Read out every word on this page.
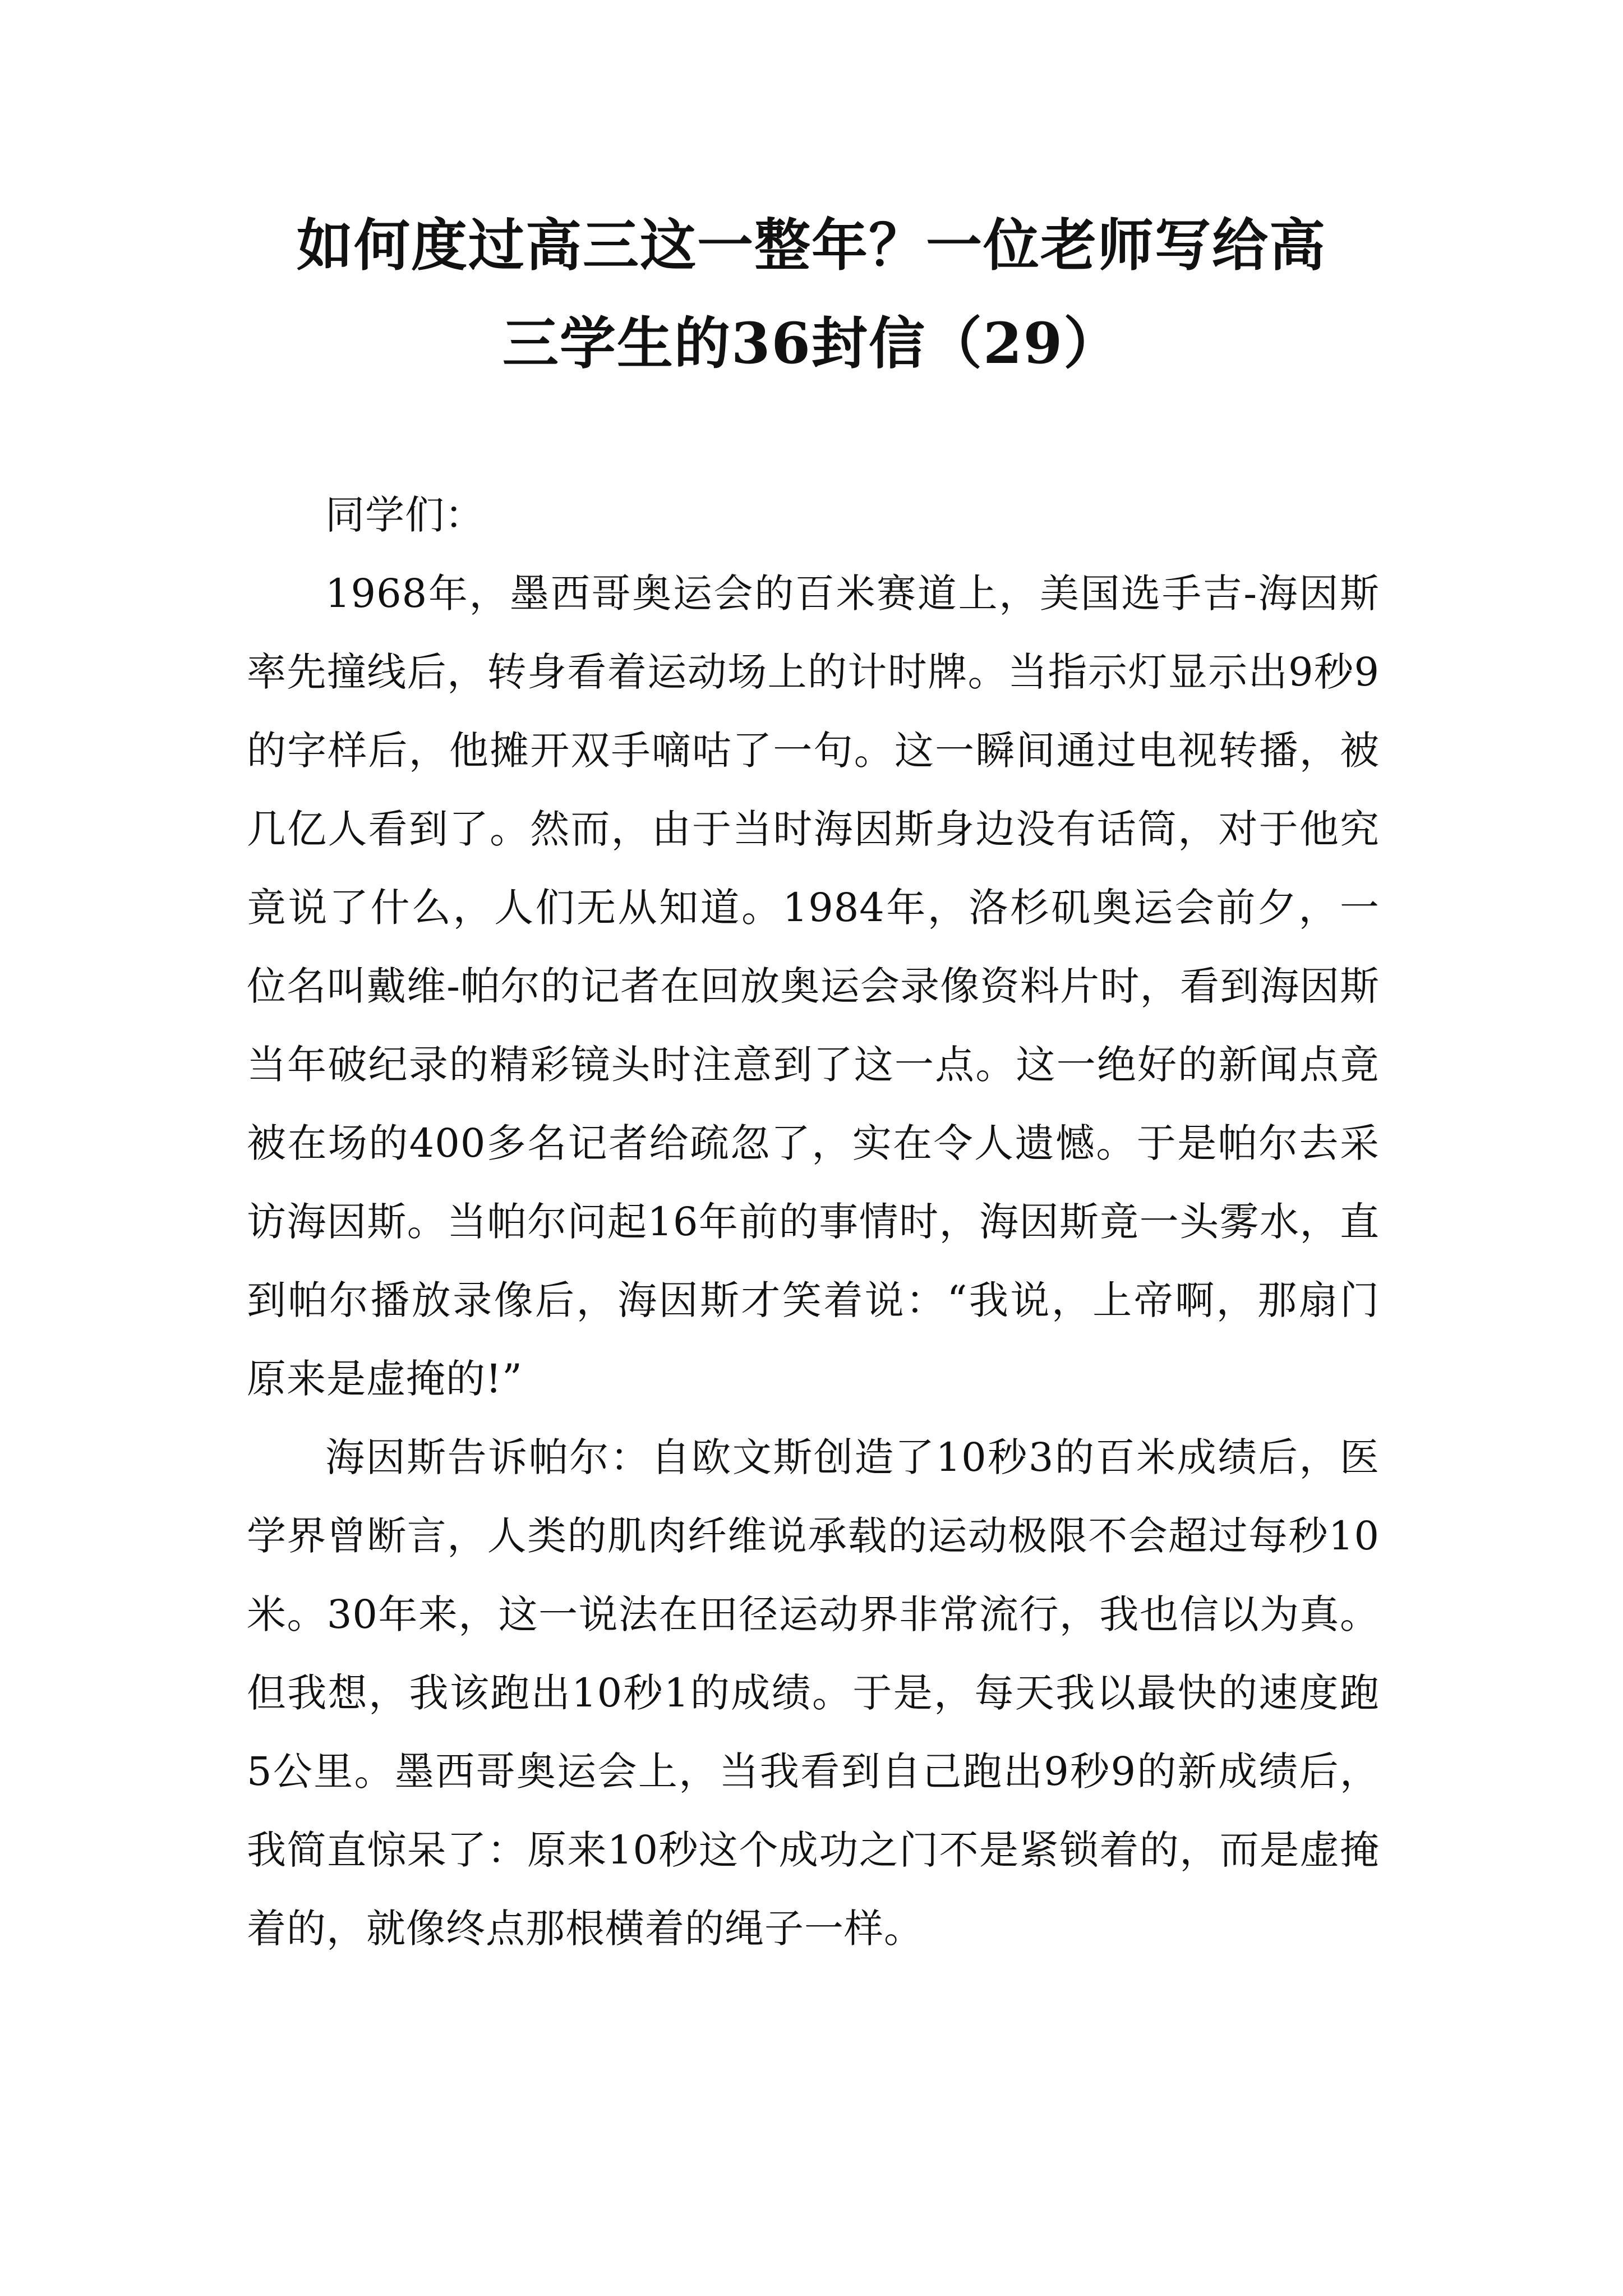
如何度过高三这一整年？一位老师写给高
三学生的36封信（29）

同学们：

1968年，墨西哥奥运会的百米赛道上，美国选手吉-海因斯率先撞线后，转身看着运动场上的计时牌。当指示灯显示出9秒9的字样后，他摊开双手嘀咕了一句。这一瞬间通过电视转播，被几亿人看到了。然而，由于当时海因斯身边没有话筒，对于他究竟说了什么，人们无从知道。1984年，洛杉矶奥运会前夕，一位名叫戴维-帕尔的记者在回放奥运会录像资料片时，看到海因斯当年破纪录的精彩镜头时注意到了这一点。这一绝好的新闻点竟被在场的400多名记者给疏忽了，实在令人遗憾。于是帕尔去采访海因斯。当帕尔问起16年前的事情时，海因斯竟一头雾水，直到帕尔播放录像后，海因斯才笑着说：“我说，上帝啊，那扇门原来是虚掩的!”

海因斯告诉帕尔：自欧文斯创造了10秒3的百米成绩后，医学界曾断言，人类的肌肉纤维说承载的运动极限不会超过每秒10米。30年来，这一说法在田径运动界非常流行，我也信以为真。但我想，我该跑出10秒1的成绩。于是，每天我以最快的速度跑5公里。墨西哥奥运会上，当我看到自己跑出9秒9的新成绩后，我简直惊呆了：原来10秒这个成功之门不是紧锁着的，而是虚掩着的，就像终点那根横着的绳子一样。
